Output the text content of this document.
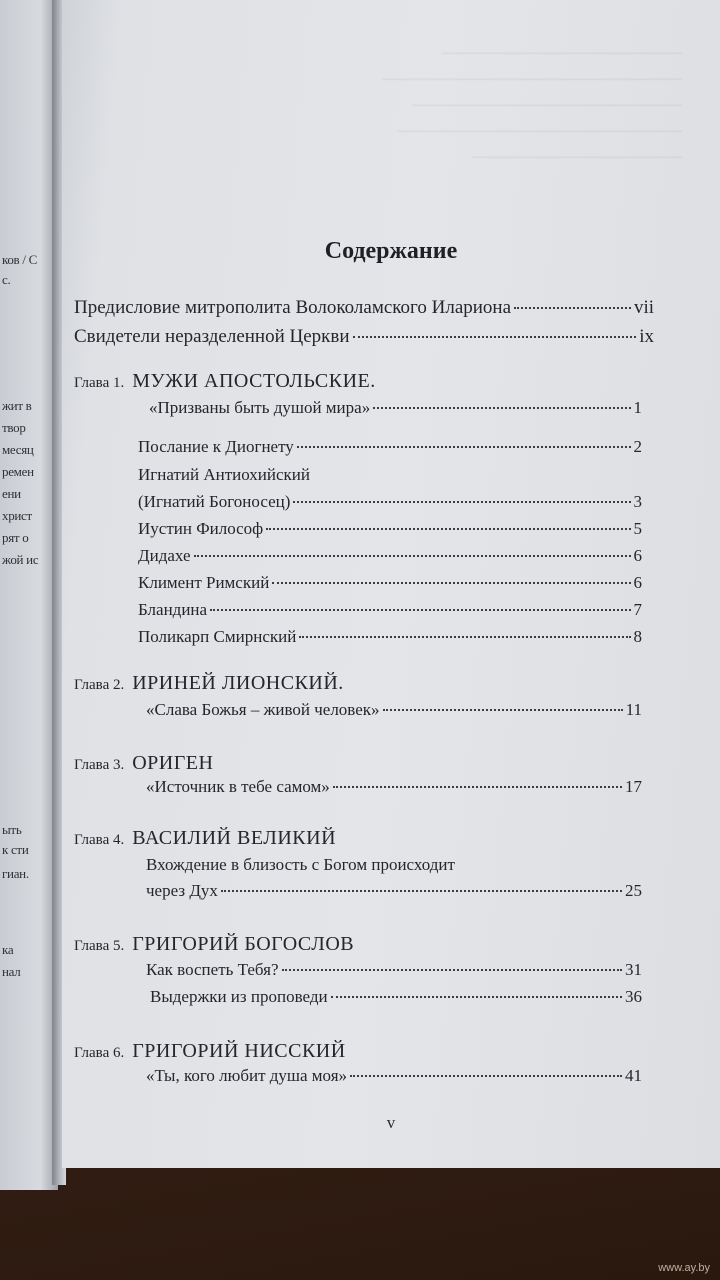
ков / С
с.
жит в
твор
месяц
ремен
ени
христ
рят о
жой ис
ыть
к сти
гиан.
ка
нал
————————————————
————————————————————
——————————————————
———————————————————
——————————————
Содержание
Предисловие митрополита Волоколамского Илариона	vii
Свидетели неразделенной Церкви	ix
Глава 1. МУЖИ АПОСТОЛЬСКИЕ.
«Призваны быть душой мира»	1
Послание к Диогнету	2
Игнатий Антиохийский
(Игнатий Богоносец)	3
Иустин Философ	5
Дидахе	6
Климент Римский	6
Бландина	7
Поликарп Смирнский	8
Глава 2. ИРИНЕЙ ЛИОНСКИЙ.
«Слава Божья – живой человек»	11
Глава 3. ОРИГЕН
«Источник в тебе самом»	17
Глава 4. ВАСИЛИЙ ВЕЛИКИЙ
Вхождение в близость с Богом происходит
через Дух	25
Глава 5. ГРИГОРИЙ БОГОСЛОВ
Как воспеть Тебя?	31
Выдержки из проповеди	36
Глава 6. ГРИГОРИЙ НИССКИЙ
«Ты, кого любит душа моя»	41
v
www.ay.by
